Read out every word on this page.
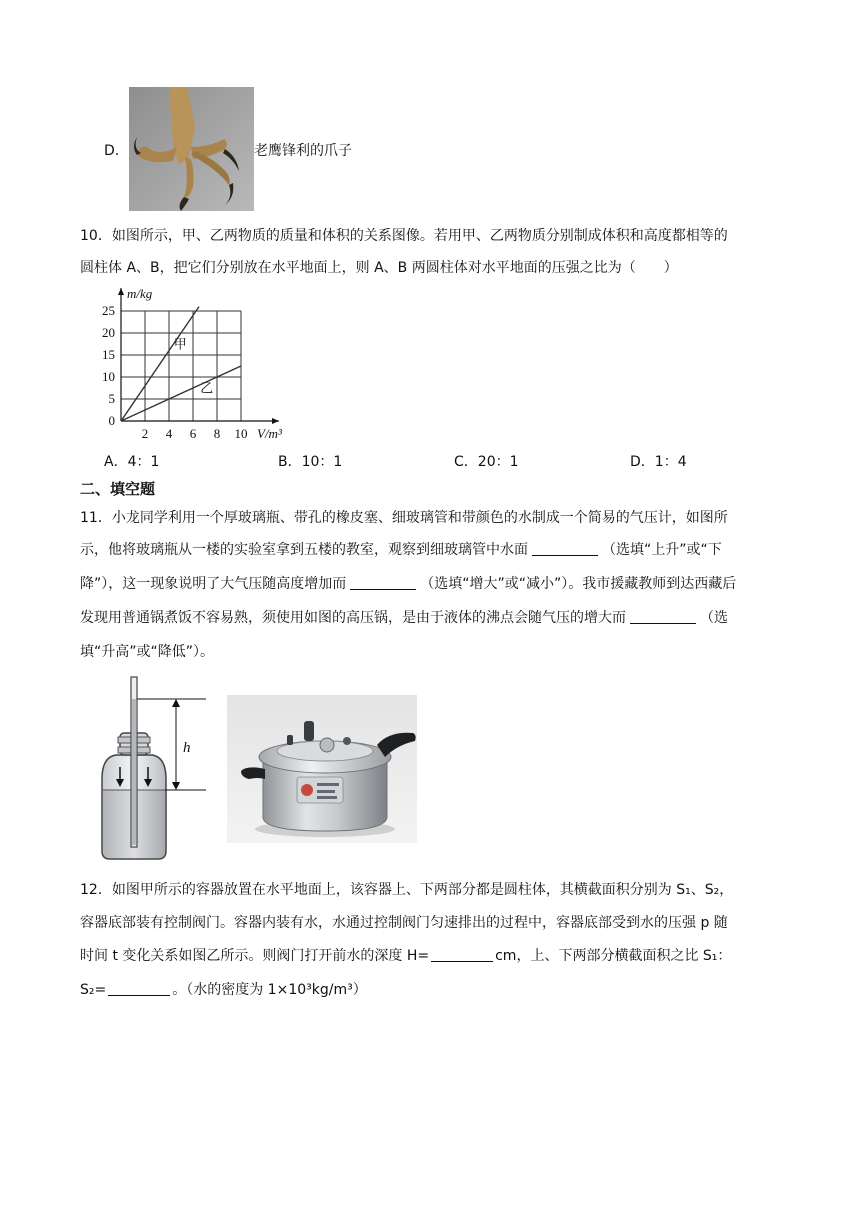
D.	老鹰锋利的爪子
10．如图所示，甲、乙两物质的质量和体积的关系图像。若用甲、乙两物质分别制成体积和高度都相等的
圆柱体 A、B，把它们分别放在水平地面上，则 A、B 两圆柱体对水平地面的压强之比为（　　）
甲
乙
0
5
10
15
20
25
2 4 6 8 10
m/kg
V/m³
A．4：1	B．10：1	C．20：1	D．1：4
二、填空题
11．小龙同学利用一个厚玻璃瓶、带孔的橡皮塞、细玻璃管和带颜色的水制成一个简易的气压计，如图所
示，他将玻璃瓶从一楼的实验室拿到五楼的教室，观察到细玻璃管中水面	（选填“上升”或“下
降”），这一现象说明了大气压随高度增加而	（选填“增大”或“减小”）。我市援藏教师到达西藏后
发现用普通锅煮饭不容易熟，须使用如图的高压锅，是由于液体的沸点会随气压的增大而	（选
填“升高”或“降低”）。
h
12．如图甲所示的容器放置在水平地面上，该容器上、下两部分都是圆柱体，其横截面积分别为 S₁、S₂，
容器底部装有控制阀门。容器内装有水，水通过控制阀门匀速排出的过程中，容器底部受到水的压强 p 随
时间 t 变化关系如图乙所示。则阀门打开前水的深度 H=	cm，上、下两部分横截面积之比 S₁：
S₂=	。（水的密度为 1×10³kg/m³）
